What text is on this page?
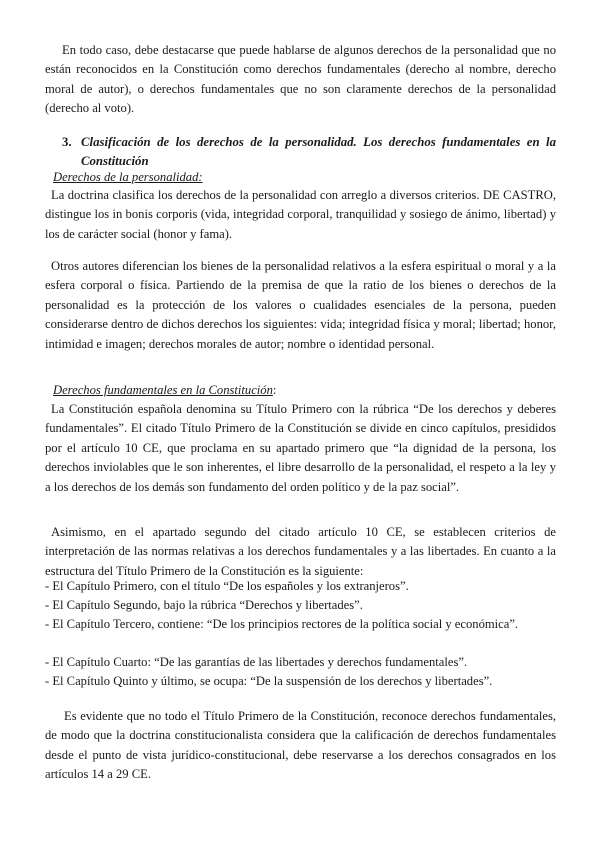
En todo caso, debe destacarse que puede hablarse de algunos derechos de la personalidad que no están reconocidos en la Constitución como derechos fundamentales (derecho al nombre, derecho moral de autor), o derechos fundamentales que no son claramente derechos de la personalidad (derecho al voto).

3. Clasificación de los derechos de la personalidad. Los derechos fundamentales en la Constitución

Derechos de la personalidad:

La doctrina clasifica los derechos de la personalidad con arreglo a diversos criterios. DE CASTRO, distingue los in bonis corporis (vida, integridad corporal, tranquilidad y sosiego de ánimo, libertad) y los de carácter social (honor y fama).

Otros autores diferencian los bienes de la personalidad relativos a la esfera espiritual o moral y a la esfera corporal o física. Partiendo de la premisa de que la ratio de los bienes o derechos de la personalidad es la protección de los valores o cualidades esenciales de la persona, pueden considerarse dentro de dichos derechos los siguientes: vida; integridad física y moral; libertad; honor, intimidad e imagen; derechos morales de autor; nombre o identidad personal.

Derechos fundamentales en la Constitución:

La Constitución española denomina su Título Primero con la rúbrica “De los derechos y deberes fundamentales”. El citado Título Primero de la Constitución se divide en cinco capítulos, presididos por el artículo 10 CE, que proclama en su apartado primero que “la dignidad de la persona, los derechos inviolables que le son inherentes, el libre desarrollo de la personalidad, el respeto a la ley y a los derechos de los demás son fundamento del orden político y de la paz social”.

Asimismo, en el apartado segundo del citado artículo 10 CE, se establecen criterios de interpretación de las normas relativas a los derechos fundamentales y a las libertades. En cuanto a la estructura del Título Primero de la Constitución es la siguiente:

- El Capítulo Primero, con el título “De los españoles y los extranjeros”.
- El Capítulo Segundo, bajo la rúbrica “Derechos y libertades”.
- El Capítulo Tercero, contiene: “De los principios rectores de la política social y económica”.
- El Capítulo Cuarto: “De las garantías de las libertades y derechos fundamentales”.
- El Capítulo Quinto y último, se ocupa: “De la suspensión de los derechos y libertades”.

Es evidente que no todo el Título Primero de la Constitución, reconoce derechos fundamentales, de modo que la doctrina constitucionalista considera que la calificación de derechos fundamentales desde el punto de vista jurídico-constitucional, debe reservarse a los derechos consagrados en los artículos 14 a 29 CE.
